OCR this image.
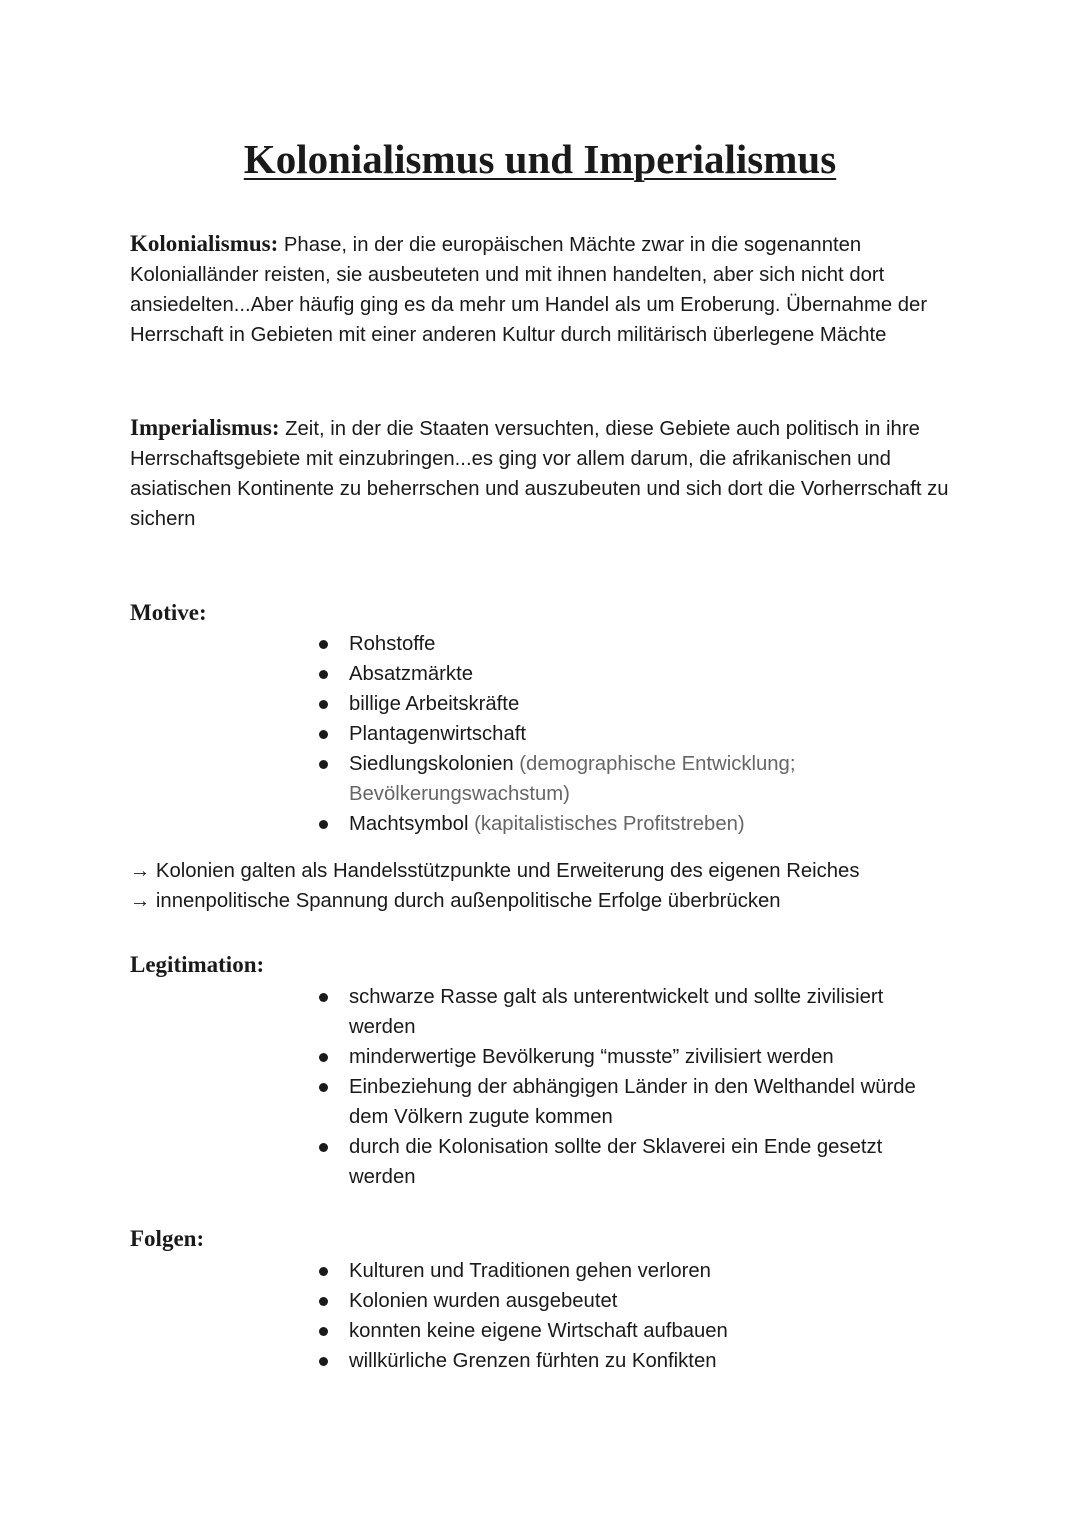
Kolonialismus und Imperialismus

Kolonialismus: Phase, in der die europäischen Mächte zwar in die sogenannten Kolonialländer reisten, sie ausbeuteten und mit ihnen handelten, aber sich nicht dort ansiedelten...Aber häufig ging es da mehr um Handel als um Eroberung. Übernahme der Herrschaft in Gebieten mit einer anderen Kultur durch militärisch überlegene Mächte

Imperialismus: Zeit, in der die Staaten versuchten, diese Gebiete auch politisch in ihre Herrschaftsgebiete mit einzubringen...es ging vor allem darum, die afrikanischen und asiatischen Kontinente zu beherrschen und auszubeuten und sich dort die Vorherrschaft zu sichern

Motive:
Rohstoffe
Absatzmärkte
billige Arbeitskräfte
Plantagenwirtschaft
Siedlungskolonien (demographische Entwicklung; Bevölkerungswachstum)
Machtsymbol (kapitalistisches Profitstreben)

→ Kolonien galten als Handelsstützpunkte und Erweiterung des eigenen Reiches

→ innenpolitische Spannung durch außenpolitische Erfolge überbrücken

Legitimation:
schwarze Rasse galt als unterentwickelt und sollte zivilisiert werden
minderwertige Bevölkerung “musste” zivilisiert werden
Einbeziehung der abhängigen Länder in den Welthandel würde dem Völkern zugute kommen
durch die Kolonisation sollte der Sklaverei ein Ende gesetzt werden
Folgen:
Kulturen und Traditionen gehen verloren
Kolonien wurden ausgebeutet
konnten keine eigene Wirtschaft aufbauen
willkürliche Grenzen fürhten zu Konfikten
